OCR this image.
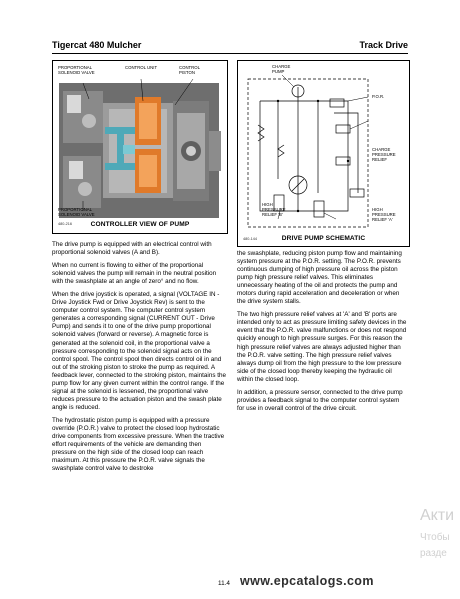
Tigercat 480 Mulcher	Track Drive
PROPORTIONAL SOLENOID VALVE
CONTROL UNIT	CONTROL PISTON
PROPORTIONAL SOLENOID VALVE
480-216	CONTROLLER VIEW OF PUMP
CHARGE PUMP
P.O.R.
CHARGE PRESSURE RELIEF
HIGH PRESSURE RELIEF 'B'
HIGH PRESSURE RELIEF 'A'
480-144	DRIVE PUMP SCHEMATIC

The drive pump is equipped with an electrical control with proportional solenoid valves (A and B).

When no current is flowing to either of the proportional solenoid valves the pump will remain in the neutral position with the swashplate at an angle of zero° and no flow.

When the drive joystick is operated, a signal (VOLTAGE IN - Drive Joystick Fwd or Drive Joystick Rev) is sent to the computer control system. The computer control system generates a corresponding signal (CURRENT OUT - Drive Pump) and sends it to one of the drive pump proportional solenoid valves (forward or reverse). A magnetic force is generated at the solenoid coil, in the proportional valve a pressure corresponding to the solenoid signal acts on the control spool. The control spool then directs control oil in and out of the stroking piston to stroke the pump as required. A feedback lever, connected to the stroking piston, maintains the pump flow for any given current within the control range. If the signal at the solenoid is lessened, the proportional valve reduces pressure to the actuation piston and the swash plate angle is reduced.

The hydrostatic piston pump is equipped with a pressure override (P.O.R.) valve to protect the closed loop hydrostatic drive components from excessive pressure. When the tractive effort requirements of the vehicle are demanding then pressure on the high side of the closed loop can reach maximum. At this pressure the P.O.R. valve signals the swashplate control valve to destroke

the swashplate, reducing piston pump flow and maintaining system pressure at the P.O.R. setting. The P.O.R. prevents continuous dumping of high pressure oil across the piston pump high pressure relief valves. This eliminates unnecessary heating of the oil and protects the pump and motors during rapid acceleration and deceleration or when the drive system stalls.

The two high pressure relief valves at 'A' and 'B' ports are intended only to act as pressure limiting safety devices in the event that the P.O.R. valve malfunctions or does not respond quickly enough to high pressure surges. For this reason the high pressure relief valves are always adjusted higher than the P.O.R. valve setting. The high pressure relief valves always dump oil from the high pressure to the low pressure side of the closed loop thereby keeping the hydraulic oil within the closed loop.

In addition, a pressure sensor, connected to the drive pump provides a feedback signal to the computer control system for use in overall control of the drive circuit.

11.4 www.epcatalogs.com
Акти
Чтобы
разде
